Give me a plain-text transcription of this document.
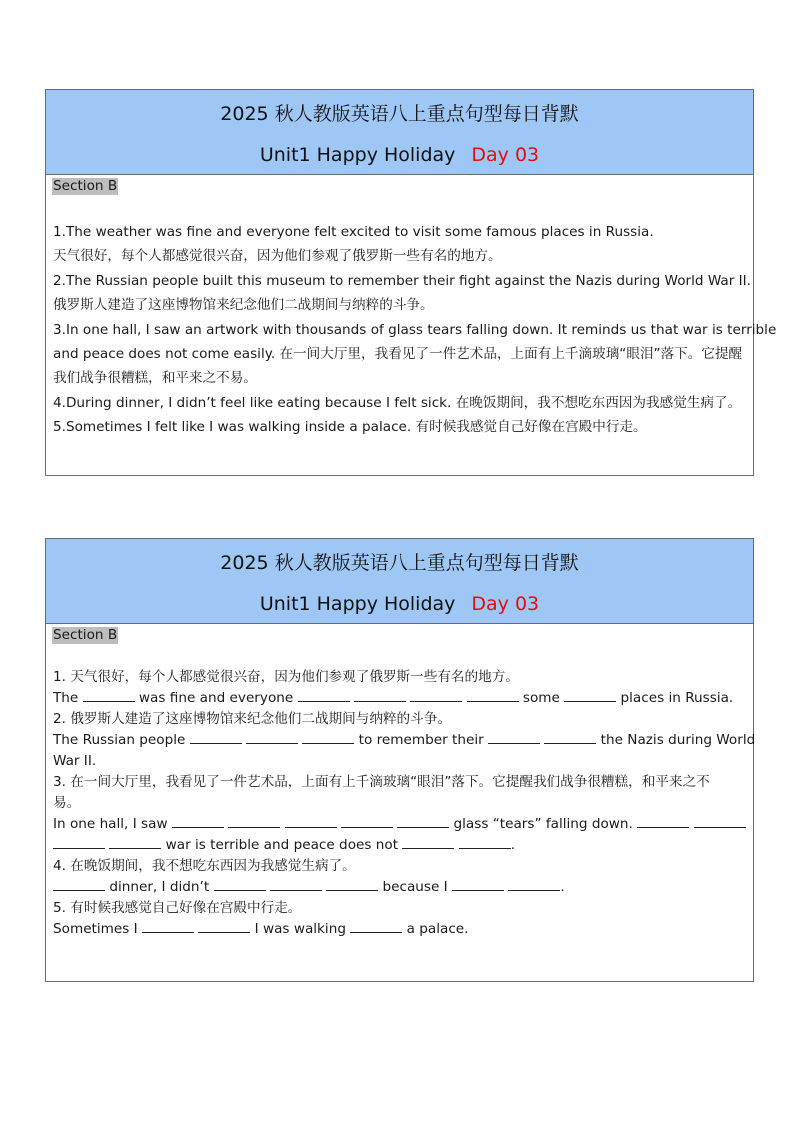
2025 秋人教版英语八上重点句型每日背默
Unit1 Happy Holiday Day 03
Section B
1.The weather was fine and everyone felt excited to visit some famous places in Russia.
天气很好，每个人都感觉很兴奋，因为他们参观了俄罗斯一些有名的地方。
2.The Russian people built this museum to remember their fight against the Nazis during World War II.
俄罗斯人建造了这座博物馆来纪念他们二战期间与纳粹的斗争。
3.In one hall, I saw an artwork with thousands of glass tears falling down. It reminds us that war is terrible
and peace does not come easily. 在一间大厅里，我看见了一件艺术品，上面有上千滴玻璃“眼泪”落下。它提醒
我们战争很糟糕，和平来之不易。
4.During dinner, I didn’t feel like eating because I felt sick. 在晚饭期间，我不想吃东西因为我感觉生病了。
5.Sometimes I felt like I was walking inside a palace. 有时候我感觉自己好像在宫殿中行走。
2025 秋人教版英语八上重点句型每日背默
Unit1 Happy Holiday Day 03
Section B
1. 天气很好，每个人都感觉很兴奋，因为他们参观了俄罗斯一些有名的地方。
The	was fine and everyone	some	places in Russia.
2. 俄罗斯人建造了这座博物馆来纪念他们二战期间与纳粹的斗争。
The Russian people	to remember their	the Nazis during World
War II.
3. 在一间大厅里，我看见了一件艺术品，上面有上千滴玻璃“眼泪”落下。它提醒我们战争很糟糕，和平来之不
易。
In one hall, I saw	glass “tears” falling down.
war is terrible and peace does not	.
4. 在晚饭期间，我不想吃东西因为我感觉生病了。
dinner, I didn’t	because I	.
5. 有时候我感觉自己好像在宫殿中行走。
Sometimes I	I was walking	a palace.
